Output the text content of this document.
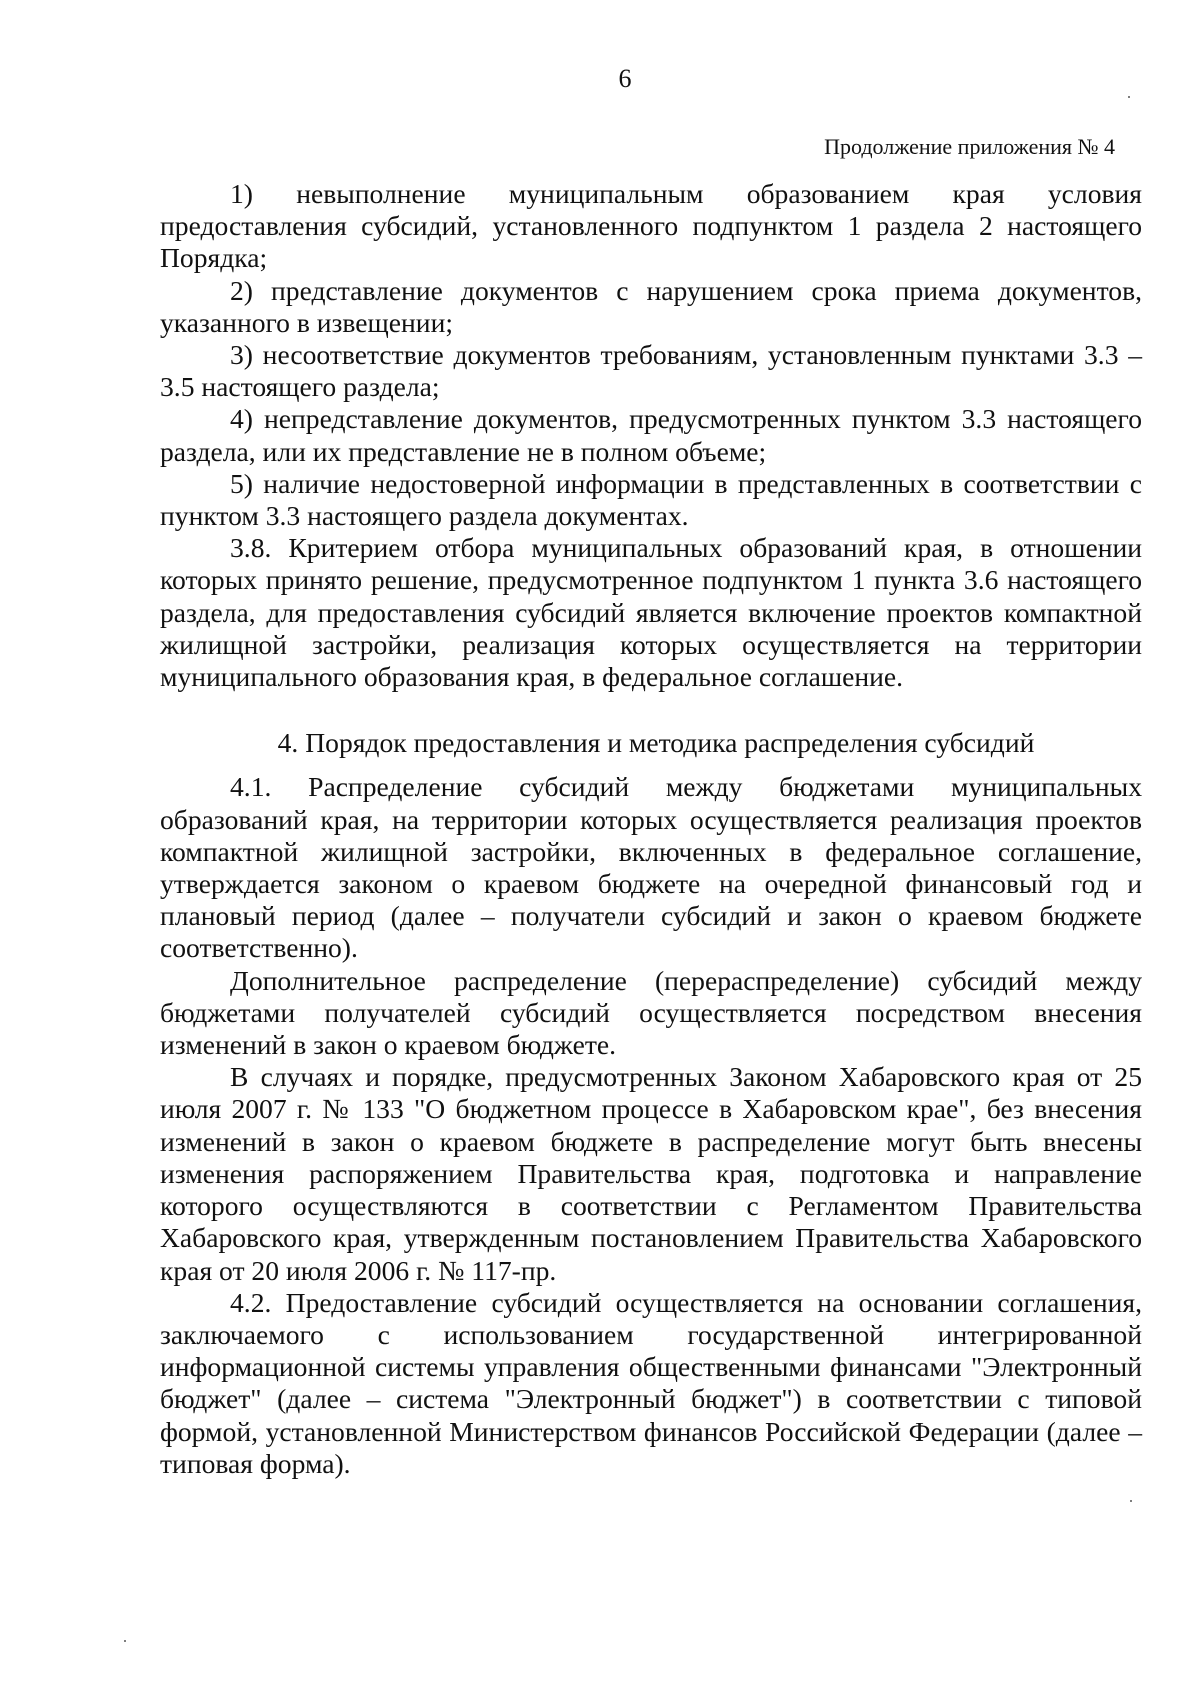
6
Продолжение приложения № 4

1) невыполнение муниципальным образованием края условия предоставления субсидий, установленного подпунктом 1 раздела 2 настоящего Порядка;

2) представление документов с нарушением срока приема документов, указанного в извещении;

3) несоответствие документов требованиям, установленным пунктами 3.3 – 3.5 настоящего раздела;

4) непредставление документов, предусмотренных пунктом 3.3 настоящего раздела, или их представление не в полном объеме;

5) наличие недостоверной информации в представленных в соответствии с пунктом 3.3 настоящего раздела документах.

3.8. Критерием отбора муниципальных образований края, в отношении которых принято решение, предусмотренное подпунктом 1 пункта 3.6 настоящего раздела, для предоставления субсидий является включение проектов компактной жилищной застройки, реализация которых осуществляется на территории муниципального образования края, в федеральное соглашение.

4. Порядок предоставления и методика распределения субсидий

4.1. Распределение субсидий между бюджетами муниципальных образований края, на территории которых осуществляется реализация проектов компактной жилищной застройки, включенных в федеральное соглашение, утверждается законом о краевом бюджете на очередной финансовый год и плановый период (далее – получатели субсидий и закон о краевом бюджете соответственно).

Дополнительное распределение (перераспределение) субсидий между бюджетами получателей субсидий осуществляется посредством внесения изменений в закон о краевом бюджете.

В случаях и порядке, предусмотренных Законом Хабаровского края от 25 июля 2007 г. № 133 "О бюджетном процессе в Хабаровском крае", без внесения изменений в закон о краевом бюджете в распределение могут быть внесены изменения распоряжением Правительства края, подготовка и направление которого осуществляются в соответствии с Регламентом Правительства Хабаровского края, утвержденным постановлением Правительства Хабаровского края от 20 июля 2006 г. № 117-пр.

4.2. Предоставление субсидий осуществляется на основании соглашения, заключаемого с использованием государственной интегрированной информационной системы управления общественными финансами "Электронный бюджет" (далее – система "Электронный бюджет") в соответствии с типовой формой, установленной Министерством финансов Российской Федерации (далее – типовая форма).
